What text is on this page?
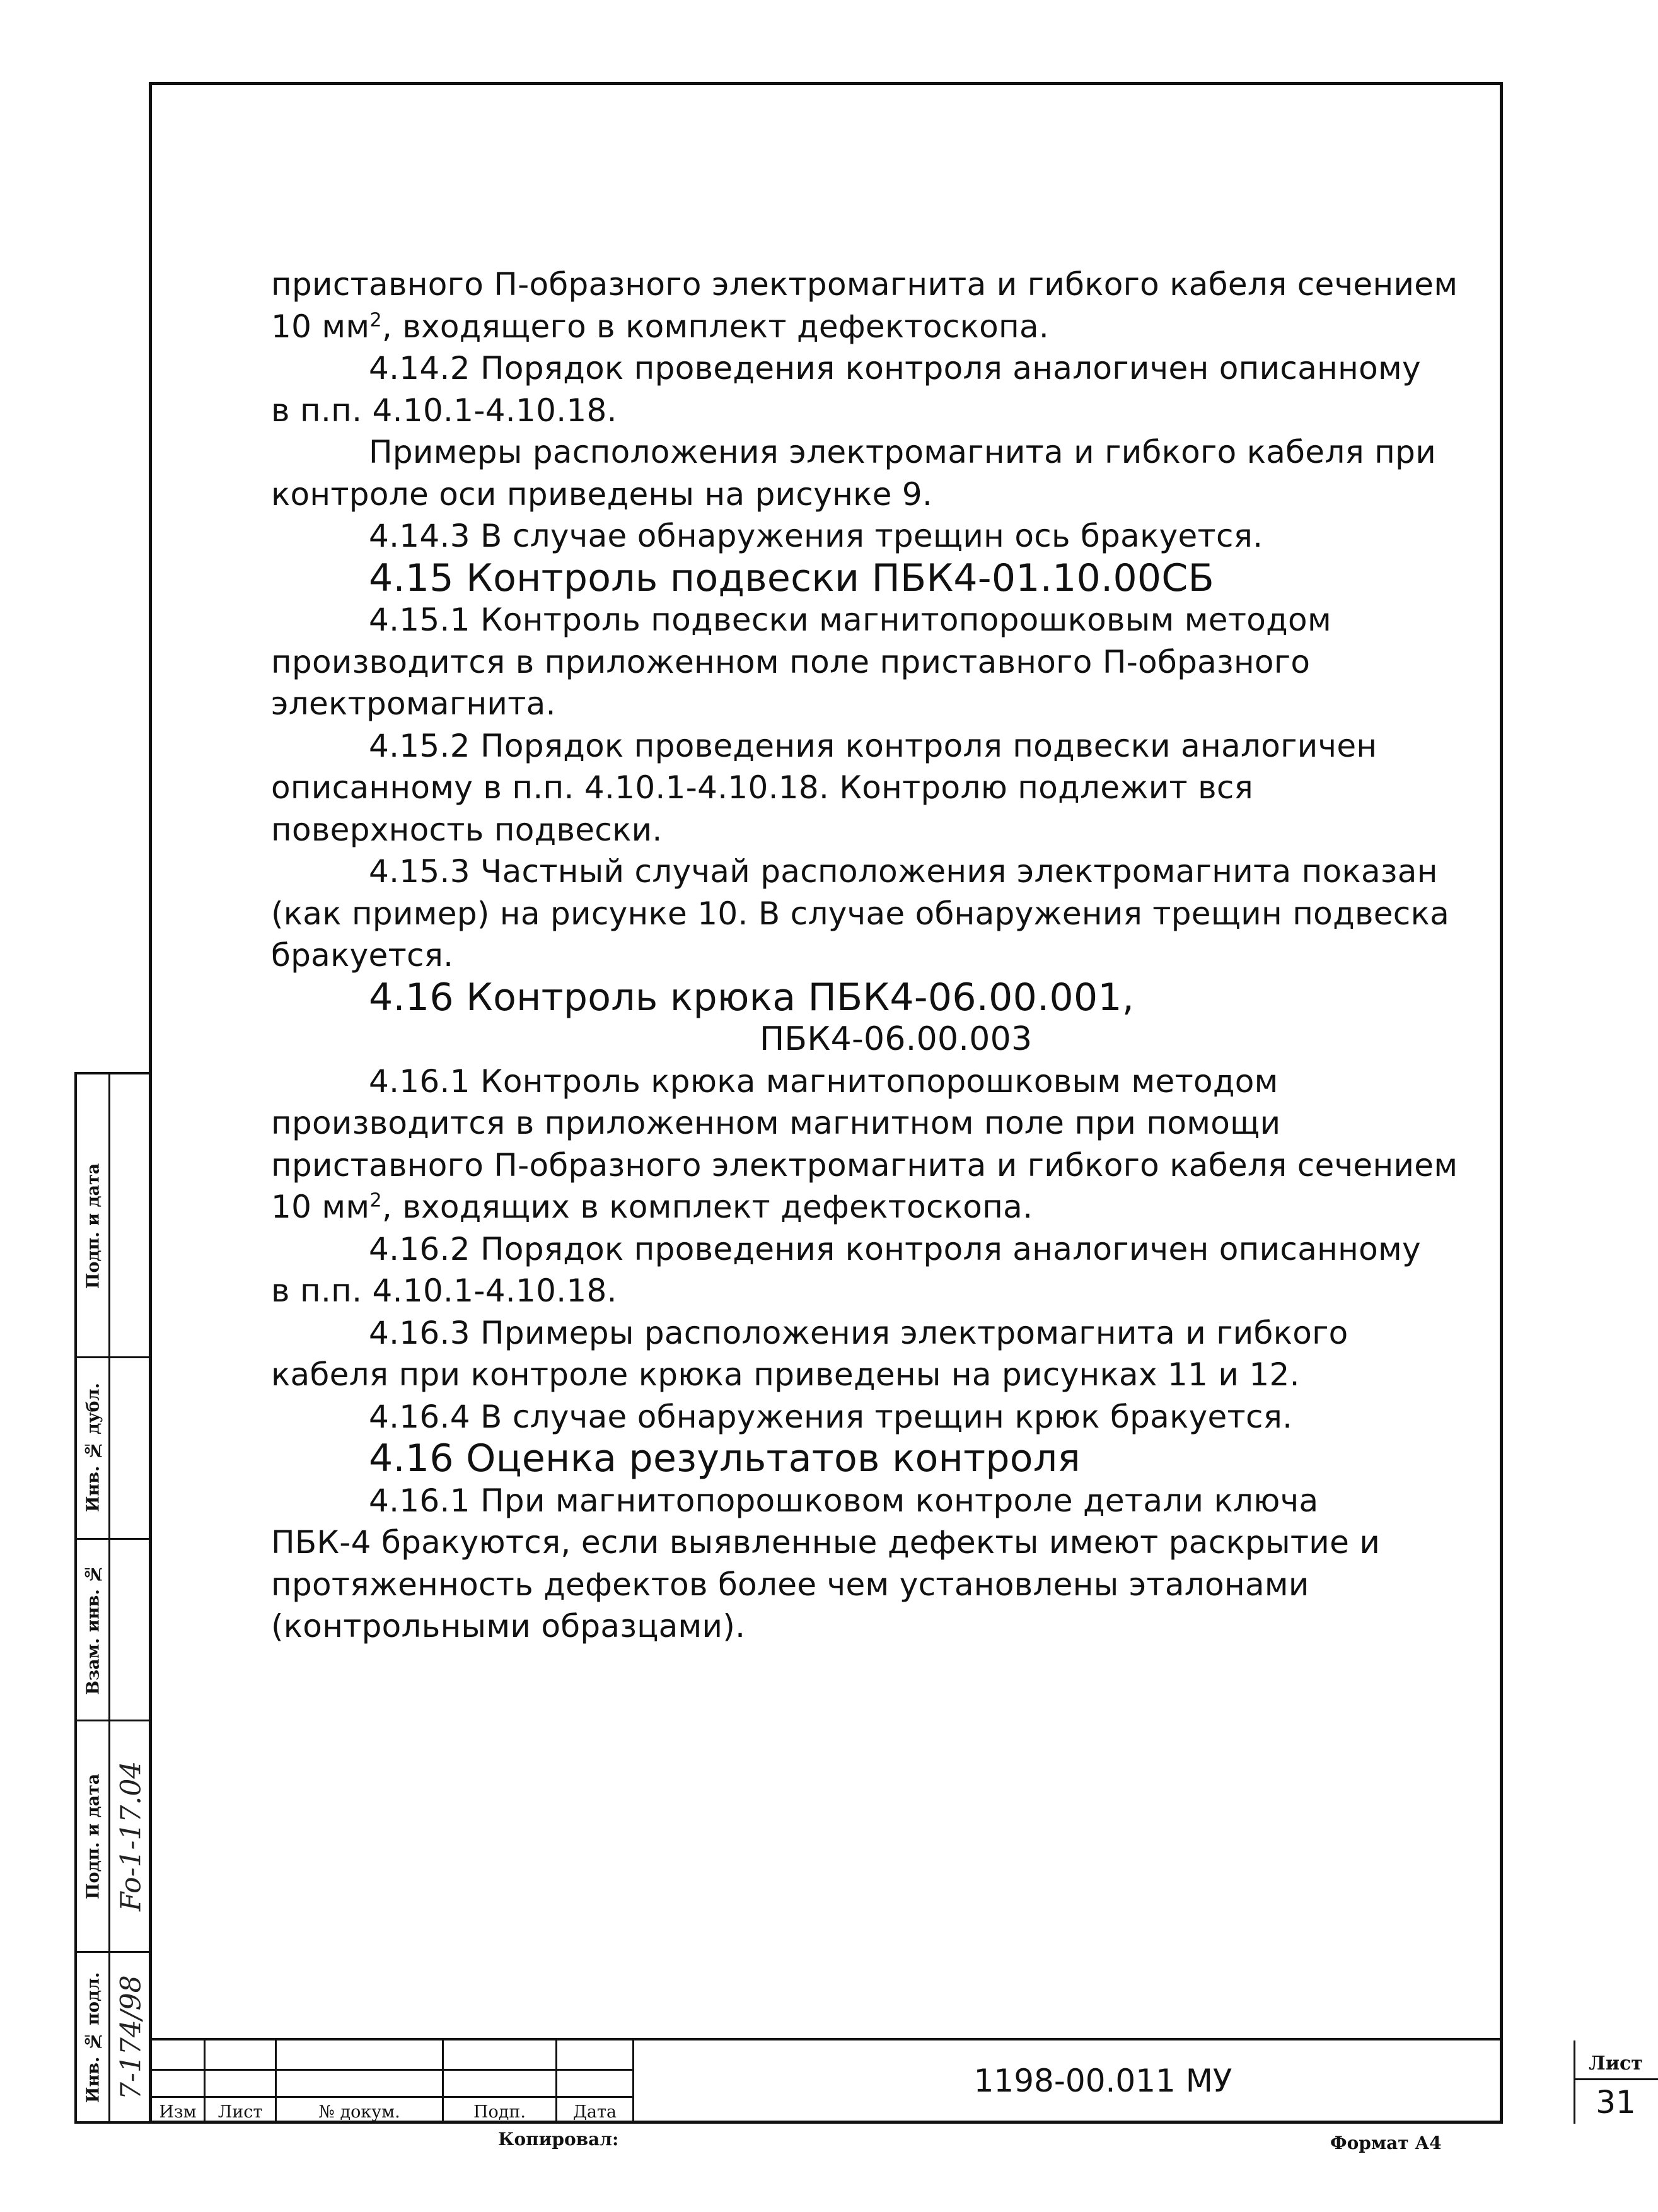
приставного П-образного электромагнита и гибкого кабеля сечением

10 $мм^2$, входящего в комплект дефектоскопа.

4.14.2 Порядок проведения контроля аналогичен описанному

в п.п. 4.10.1-4.10.18.

Примеры расположения электромагнита и гибкого кабеля при

контроле оси приведены на рисунке 9.

4.14.3 В случае обнаружения трещин ось бракуется.

4.15 Контроль подвески ПБК4-01.10.00СБ

4.15.1 Контроль подвески магнитопорошковым методом

производится в приложенном поле приставного П-образного

электромагнита.

4.15.2 Порядок проведения контроля подвески аналогичен

описанному в п.п. 4.10.1-4.10.18. Контролю подлежит вся

поверхность подвески.

4.15.3 Частный случай расположения электромагнита показан

(как пример) на рисунке 10. В случае обнаружения трещин подвеска

бракуется.

4.16 Контроль крюка ПБК4-06.00.001,

ПБК4-06.00.003

4.16.1 Контроль крюка магнитопорошковым методом

производится в приложенном магнитном поле при помощи

приставного П-образного электромагнита и гибкого кабеля сечением

10 $мм^2$, входящих в комплект дефектоскопа.

4.16.2 Порядок проведения контроля аналогичен описанному

в п.п. 4.10.1-4.10.18.

4.16.3 Примеры расположения электромагнита и гибкого

кабеля при контроле крюка приведены на рисунках 11 и 12.

4.16.4 В случае обнаружения трещин крюк бракуется.

4.16 Оценка результатов контроля

4.16.1 При магнитопорошковом контроле детали ключа

ПБК-4 бракуются, если выявленные дефекты имеют раскрытие и

протяженность дефектов более чем установлены эталонами

(контрольными образцами).

Подп. и дата
Инв. № дубл.
Взам. инв. №
Подп. и дата
Инв. № подл.
Fo-1-17.04
7-174/98
Изм	Лист	№ докум.	Подп.	Дата
1198-00.011 МУ	Лист
31
Копировал:	Формат А4
